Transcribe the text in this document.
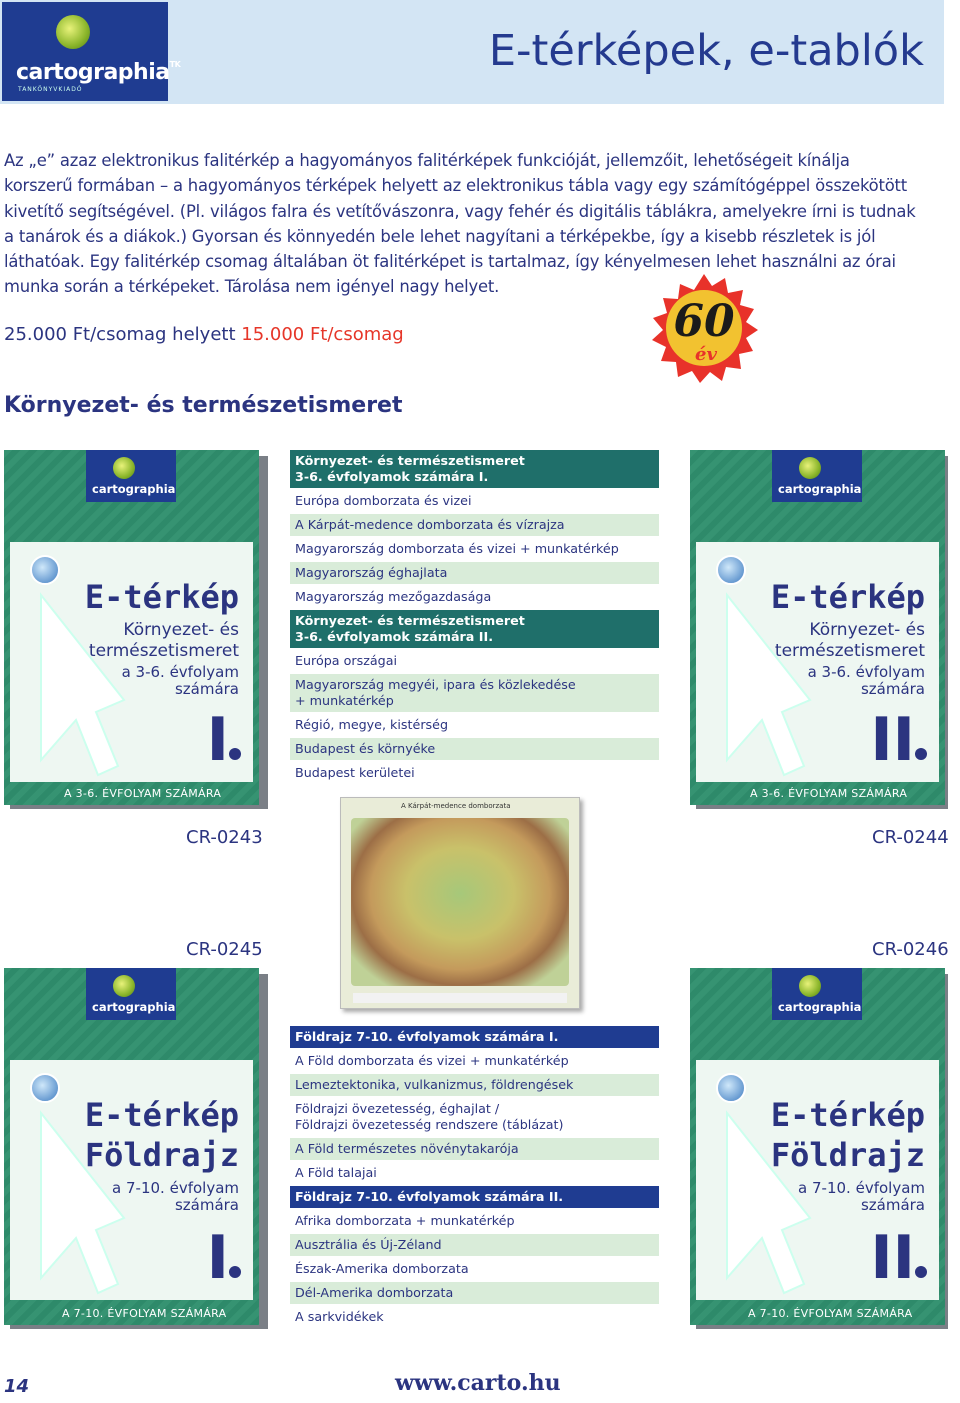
cartographia$^{TK}$
TANKÖNYVKIADÓ
E-térképek, e-tablók
Az „e” azaz elektronikus falitérkép a hagyományos falitérképek funkcióját, jellemzőit, lehetőségeit kínálja korszerű formában – a hagyományos térképek helyett az elektronikus tábla vagy egy számítógéppel összekötött kivetítő segítségével. (Pl. világos falra és vetítővászonra, vagy fehér és digitális táblákra, amelyekre írni is tudnak a tanárok és a diákok.) Gyorsan és könnyedén bele lehet nagyítani a térképekbe, így a kisebb részletek is jól láthatóak. Egy falitérkép csomag általában öt falitérképet is tartalmaz, így kényelmesen lehet használni az órai munka során a térképeket. Tárolása nem igényel nagy helyet.
25.000 Ft/csomag helyett 15.000 Ft/csomag	60
év
Környezet- és természetismeret
cartographia
E-térkép
Környezet- és természetismeret
a 3-6. évfolyam számára
I
A 3-6. ÉVFOLYAM SZÁMÁRA
cartographia
E-térkép
Környezet- és természetismeret
a 3-6. évfolyam számára
II
A 3-6. ÉVFOLYAM SZÁMÁRA
CR-0243	CR-0244
Környezet- és természetismeret
3-6. évfolyamok számára I.
Európa domborzata és vizei
A Kárpát-medence domborzata és vízrajza
Magyarország domborzata és vizei + munkatérkép
Magyarország éghajlata
Magyarország mezőgazdasága
Környezet- és természetismeret
3-6. évfolyamok számára II.
Európa országai
Magyarország megyéi, ipara és közlekedése
+ munkatérkép
Régió, megye, kistérség
Budapest és környéke
Budapest kerületei
A Kárpát-medence domborzata
CR-0245	CR-0246
cartographia
E-térkép
Földrajz
a 7-10. évfolyam számára
I
A 7-10. ÉVFOLYAM SZÁMÁRA
cartographia
E-térkép
Földrajz
a 7-10. évfolyam számára
II
A 7-10. ÉVFOLYAM SZÁMÁRA
Földrajz 7-10. évfolyamok számára I.
A Föld domborzata és vizei + munkatérkép
Lemeztektonika, vulkanizmus, földrengések
Földrajzi övezetesség, éghajlat /
Földrajzi övezetesség rendszere (táblázat)
A Föld természetes növénytakarója
A Föld talajai
Földrajz 7-10. évfolyamok számára II.
Afrika domborzata + munkatérkép
Ausztrália és Új-Zéland
Észak-Amerika domborzata
Dél-Amerika domborzata
A sarkvidékek
14	www.carto.hu
